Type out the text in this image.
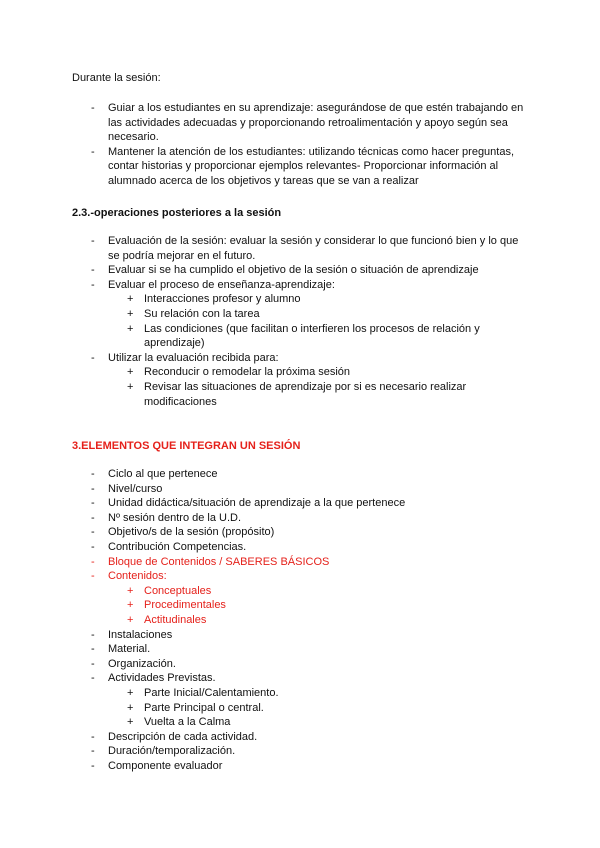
Durante la sesión:
-	Guiar a los estudiantes en su aprendizaje: asegurándose de que estén trabajando en
las actividades adecuadas y proporcionando retroalimentación y apoyo según sea
necesario.
-	Mantener la atención de los estudiantes: utilizando técnicas como hacer preguntas,
contar historias y proporcionar ejemplos relevantes- Proporcionar información al
alumnado acerca de los objetivos y tareas que se van a realizar
2.3.-operaciones posteriores a la sesión
-	Evaluación de la sesión: evaluar la sesión y considerar lo que funcionó bien y lo que
se podría mejorar en el futuro.
-	Evaluar si se ha cumplido el objetivo de la sesión o situación de aprendizaje
-	Evaluar el proceso de enseñanza-aprendizaje:
+ Interacciones profesor y alumno
+ Su relación con la tarea
+ Las condiciones (que facilitan o interfieren los procesos de relación y
aprendizaje)
-	Utilizar la evaluación recibida para:
+ Reconducir o remodelar la próxima sesión
+ Revisar las situaciones de aprendizaje por si es necesario realizar
modificaciones
3.ELEMENTOS QUE INTEGRAN UN SESIÓN
-	Ciclo al que pertenece
-	Nivel/curso
-	Unidad didáctica/situación de aprendizaje a la que pertenece
-	Nº sesión dentro de la U.D.
-	Objetivo/s de la sesión (propósito)
-	Contribución Competencias.
-	Bloque de Contenidos / SABERES BÁSICOS
-	Contenidos:
+ Conceptuales
+ Procedimentales
+ Actitudinales
-	Instalaciones
-	Material.
-	Organización.
-	Actividades Previstas.
+ Parte Inicial/Calentamiento.
+ Parte Principal o central.
+ Vuelta a la Calma
-	Descripción de cada actividad.
-	Duración/temporalización.
-	Componente evaluador
